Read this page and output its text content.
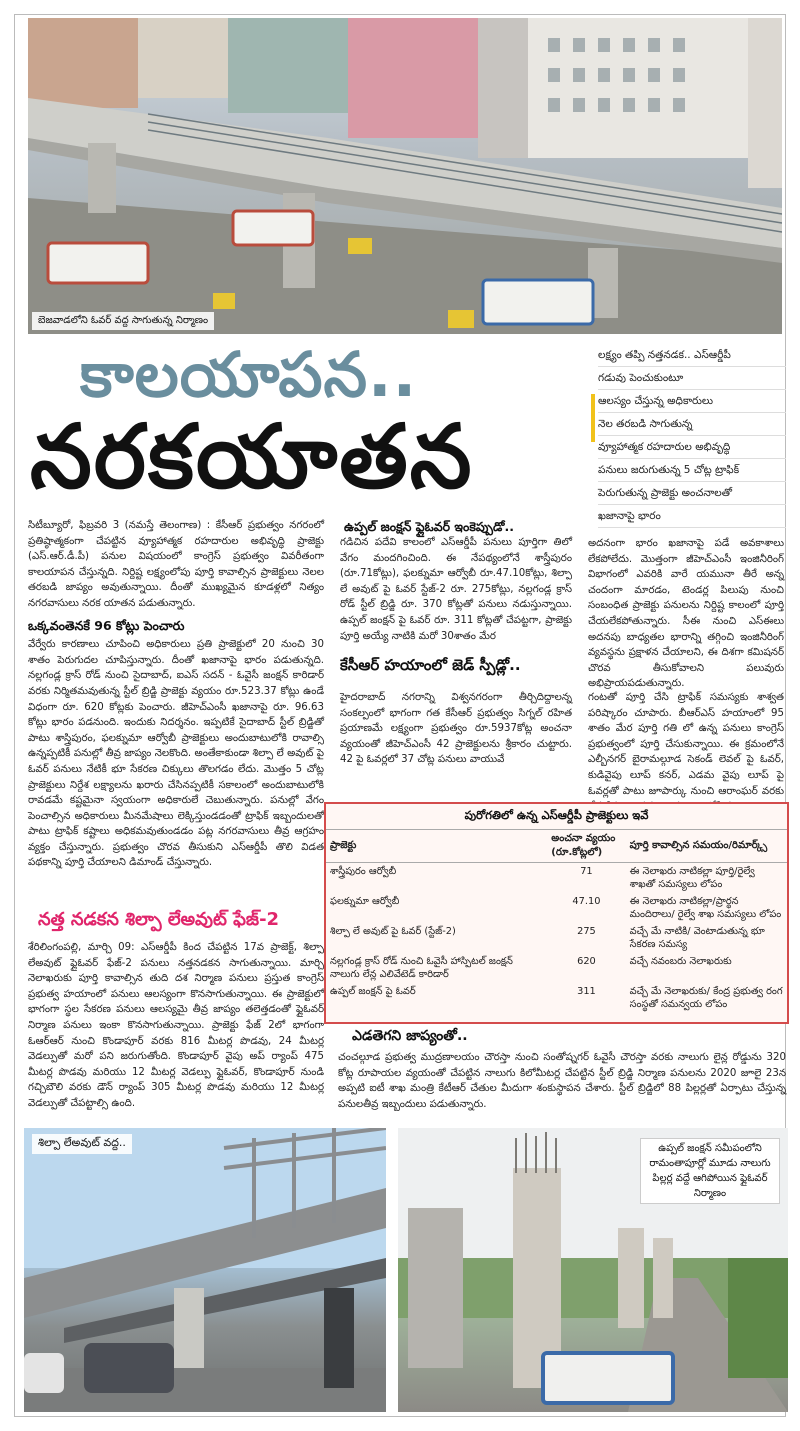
బెజవాడలోని ఓవర్ వద్ద సాగుతున్న నిర్మాణం
కాలయాపన..
నరకయాతన
లక్ష్యం తప్పి నత్తనడక.. ఎస్ఆర్డీపీ
గడువు పెంచుకుంటూ
ఆలస్యం చేస్తున్న అధికారులు
నెల తరబడి సాగుతున్న
వ్యూహాత్మక రహదారుల అభివృద్ధి
పనులు జరుగుతున్న 5 చోట్ల ట్రాఫిక్
పెరుగుతున్న ప్రాజెక్టు అంచనాలతో
ఖజానాపై భారం

సిటీబ్యూరో, ఫిబ్రవరి 3 (నమస్తే తెలంగాణ) : కేసీఆర్ ప్రభుత్వం నగరంలో ప్రతిష్ఠాత్మకంగా చేపట్టిన వ్యూహాత్మక రహదారుల అభివృద్ధి ప్రాజెక్టు (ఎస్.ఆర్.డీ.పీ) పనుల విషయంలో కాంగ్రెస్ ప్రభుత్వం వివరీతంగా కాలయాపన చేస్తున్నది. నిర్దిష్ట లక్ష్యంలోపు పూర్తి కావాల్సిన ప్రాజెక్టులు నెలల తరబడి జాప్యం అవుతున్నాయి. దీంతో ముఖ్యమైన కూడళ్లలో నిత్యం నగరవాసులు నరక యాతన పడుతున్నారు.

ఒక్కవంతెనకే 96 కోట్లు పెంచారు

వేర్వేరు కారణాలు చూపించి అధికారులు ప్రతి ప్రాజెక్టులో 20 నుంచి 30 శాతం పెరుగుదల చూపిస్తున్నారు. దీంతో ఖజానాపై భారం పడుతున్నది. నల్లగండ్ల క్రాస్ రోడ్ నుంచి సైదాబాద్, ఐఎస్ సదన్ - ఓవైసీ జంక్షన్ కారిడార్ వరకు నిర్మితమవుతున్న స్టీల్ బ్రిడ్జి ప్రాజెక్టు వ్యయం రూ.523.37 కోట్లు ఉండే విధంగా రూ. 620 కోట్లకు పెంచారు. జీహెచ్ఎంసీ ఖజానాపై రూ. 96.63 కోట్లు భారం పడనుంది. ఇందుకు నిదర్శనం. ఇప్పటికే సైదాబాద్ స్టీల్ బ్రిడ్జితో పాటు శాస్త్రిపురం, ఫలక్నుమా ఆర్వోబీ ప్రాజెక్టులు అందుబాటులోకి రావాల్సి ఉన్నప్పటికీ పనుల్లో తీవ్ర జాప్యం నెలకొంది. అంతేకాకుండా శిల్పా లే అవుట్ పై ఓవర్ పనులు నేటికీ భూ సేకరణ చిక్కులు తొలగడం లేదు. మొత్తం 5 చోట్ల ప్రాజెక్టులు నిర్దేశ లక్ష్యాలను ఖరారు చేసినప్పటికీ సకాలంలో అందుబాటులోకి రావడమే కష్టమైనా స్వయంగా అధికారులే చెబుతున్నారు. పనుల్లో వేగం పెంచాల్సిన అధికారులు మీనమేషాలు లెక్కిస్తుండడంతో ట్రాఫిక్ ఇబ్బందులతో పాటు ట్రాఫిక్ కష్టాలు అధికమవుతుండడం పట్ల నగరవాసులు తీవ్ర ఆగ్రహం వ్యక్తం చేస్తున్నారు. ప్రభుత్వం చొరవ తీసుకుని ఎస్ఆర్డీపీ తొలి విడత పథకాన్ని పూర్తి చేయాలని డిమాండ్ చేస్తున్నారు.

నత్త నడకన శిల్పా లేఅవుట్ ఫేజ్-2

శేరిలింగంపల్లి, మార్చి 09: ఎస్ఆర్డీపీ కింద చేపట్టిన 17వ ప్రాజెక్ట్, శిల్పా లేఅవుట్ ఫ్లైఓవర్ ఫేజ్-2 పనులు నత్తనడకన సాగుతున్నాయి. మార్చి నెలాఖరుకు పూర్తి కావాల్సిన తుది దశ నిర్మాణ పనులు ప్రస్తుత కాంగ్రెస్ ప్రభుత్వ హయాంలో పనులు ఆలస్యంగా కొనసాగుతున్నాయి. ఈ ప్రాజెక్టులో భాగంగా స్థల సేకరణ పనులు ఆలస్యమై తీవ్ర జాప్యం తలెత్తడంతో ఫ్లైఓవర్ నిర్మాణ పనులు ఇంకా కొనసాగుతున్నాయి. ప్రాజెక్టు ఫేజ్ 2లో భాగంగా ఓఆర్ఆర్ నుంచి కొండాపూర్ వరకు 816 మీటర్ల పొడవు, 24 మీటర్ల వెడల్పుతో మరో పని జరుగుతోంది. కొండాపూర్ వైపు అప్ ర్యాంప్ 475 మీటర్ల పొడవు మరియు 12 మీటర్ల వెడల్పు ఫ్లైఓవర్, కొండాపూర్ నుండి గచ్చిబౌలి వరకు డౌన్ ర్యాంప్ 305 మీటర్ల పొడవు మరియు 12 మీటర్ల వెడల్పుతో చేపట్టాల్సి ఉంది.

ఉప్పల్ జంక్షన్ ఫ్లైఓవర్ ఇంకెప్పుడో..

గడిచిన పదేవి కాలంలో ఎస్ఆర్డీపీ పనులు పూర్తిగా తిలో వేగం మందగించింది. ఈ నేపథ్యంలోనే శాస్త్రీపురం (రూ.71కోట్లు), ఫలక్నుమా ఆర్వోబీ రూ.47.10కోట్లు, శిల్పా లే అవుట్ పై ఓవర్ స్టేజ్-2 రూ. 275కోట్లు, నల్లగండ్ల క్రాస్ రోడ్ స్టీల్ బ్రిడ్జి రూ. 370 కోట్లతో పనులు నడుస్తున్నాయి. ఉప్పల్ జంక్షన్ పై ఓవర్ రూ. 311 కోట్లతో చేపట్టగా, ప్రాజెక్టు పూర్తి అయ్యే నాటికి మరో 30శాతం మేర

కేసీఆర్ హయాంలో జెడ్ స్పీడ్లో..

హైదరాబాద్ నగరాన్ని విశ్వనగరంగా తీర్చిదిద్దాలన్న సంకల్పంలో భాగంగా గత కేసీఆర్ ప్రభుత్వం సిగ్నల్ రహిత ప్రయాణమే లక్ష్యంగా ప్రభుత్వం రూ.5937కోట్ల అంచనా వ్యయంతో జీహెచ్ఎంసీ 42 ప్రాజెక్టులను శ్రీకారం చుట్టారు. 42 పై ఓవర్లలో 37 చోట్ల పనులు వాయువే

అదనంగా భారం ఖజానాపై పడే అవకాశాలు లేకపోలేదు. మొత్తంగా జీహెచ్ఎంసీ ఇంజినీరింగ్ విభాగంలో ఎవరికి వారే యమునా తీరే అన్న చందంగా మారడం, టెండర్ల పిలుపు నుంచి సంబంధిత ప్రాజెక్టు పనులను నిర్దిష్ట కాలంలో పూర్తి చేయలేకపోతున్నారు. సీఈ నుంచి ఎస్ఈలు అదనపు బాధ్యతల భారాన్ని తగ్గించి ఇంజినీరింగ్ వ్యవస్థను ప్రక్షాళన చేయాలని, ఈ దిశగా కమిషనర్ చొరవ తీసుకోవాలని పలువురు అభిప్రాయపడుతున్నారు.

గంటతో పూర్తి చేసి ట్రాఫిక్ సమస్యకు శాశ్వత పరిష్కారం చూపారు. బీఆర్ఎస్ హయాంలో 95 శాతం మేర పూర్తి గతి లో ఉన్న పనులు కాంగ్రెస్ ప్రభుత్వంలో పూర్తి చేసుకున్నాయి. ఈ క్రమంలోనే ఎల్బీనగర్ బైరామల్గూడ సెకండ్ లెవల్ పై ఓవర్, కుడివైపు లూప్ కనర్, ఎడమ వైపు లూప్ పై ఓవర్లతో పాటు జూపార్కు నుంచి ఆరాంఘర్ వరకు

పురోగతిలో ఉన్న ఎస్ఆర్డీపీ ప్రాజెక్టులు ఇవే
ప్రాజెక్టు	అంచనా వ్యయం (రూ.కోట్లలో)	పూర్తి కావాల్సిన సమయం/రిమార్క్స్
శాస్త్రీపురం ఆర్వోబీ	71	ఈ నెలాఖరు నాటికల్లా పూర్తి/రైల్వే శాఖతో సమస్యలు లోపం
ఫలక్నుమా ఆర్వోబీ	47.10	ఈ నెలాఖరు నాటికల్లా/ప్రార్థన మందిరాలు/ రైల్వే శాఖ సమస్యలు లోపం
శిల్పా లే అవుట్ పై ఓవర్ (స్టేజ్-2)	275	వచ్చే మే నాటికి/ వెంటాడుతున్న భూ సేకరణ సమస్య
నల్లగండ్ల క్రాస్ రోడ్ నుంచి ఓవైసీ హాస్పిటల్ జంక్షన్ నాలుగు లేన్ల ఎలివేటెడ్ కారిడార్	620	వచ్చే నవంబరు నెలాఖరుకు
ఉప్పల్ జంక్షన్ పై ఓవర్	311	వచ్చే మే నెలాఖరుకు/ కేంద్ర ప్రభుత్వ రంగ సంస్థతో సమన్వయ లోపం
ఎడతెగని జాప్యంతో..

చంచల్గూడ ప్రభుత్వ ముద్రణాలయం చౌరస్తా నుంచి సంతోష్నగర్ ఓవైసీ చౌరస్తా వరకు నాలుగు లైన్ల రోడ్డును 320 కోట్ల రూపాయల వ్యయంతో చేపట్టిన నాలుగు కిలోమీటర్ల చేపట్టిన స్టీల్ బ్రిడ్జి నిర్మాణ పనులను 2020 జూలై 23న అప్పటి ఐటీ శాఖ మంత్రి కేటీఆర్ చేతుల మీదుగా శంకుస్థాపన చేశారు. స్టీల్ బ్రిడ్జిలో 88 పిల్లర్లతో ఏర్పాటు చేస్తున్న పనులతీవ్ర ఇబ్బందులు పడుతున్నారు.

శిల్పా లేఅవుట్ వద్ద..	ఉప్పల్ జంక్షన్ సమీపంలోని రామంతాపూర్లో మూడు నాలుగు పిల్లర్ల వద్దే ఆగిపోయిన ఫ్లైఓవర్ నిర్మాణం
